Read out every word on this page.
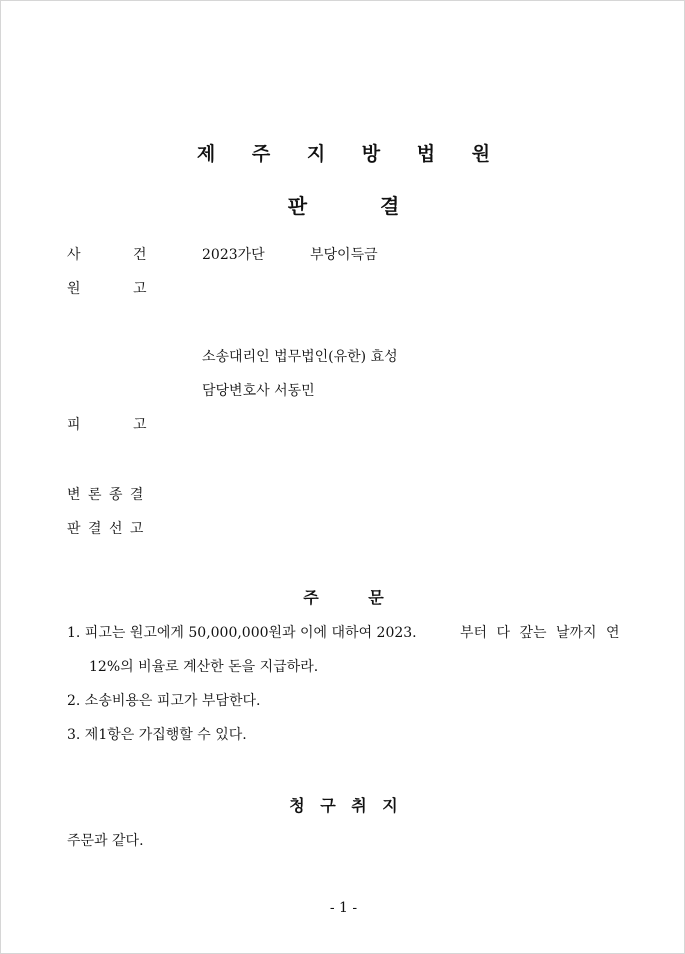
제 주 지 방 법 원
판 결
사 건	2023가단	부당이득금
원 고
소송대리인 법무법인(유한) 효성
담당변호사 서동민
피 고
변 론 종 결
판 결 선 고
주 문
1. 피고는 원고에게 50,000,000원과 이에 대하여 2023.	부터 다 갚는 날까지 연
12%의 비율로 계산한 돈을 지급하라.
2. 소송비용은 피고가 부담한다.
3. 제1항은 가집행할 수 있다.
청 구 취 지
주문과 같다.
- 1 -
